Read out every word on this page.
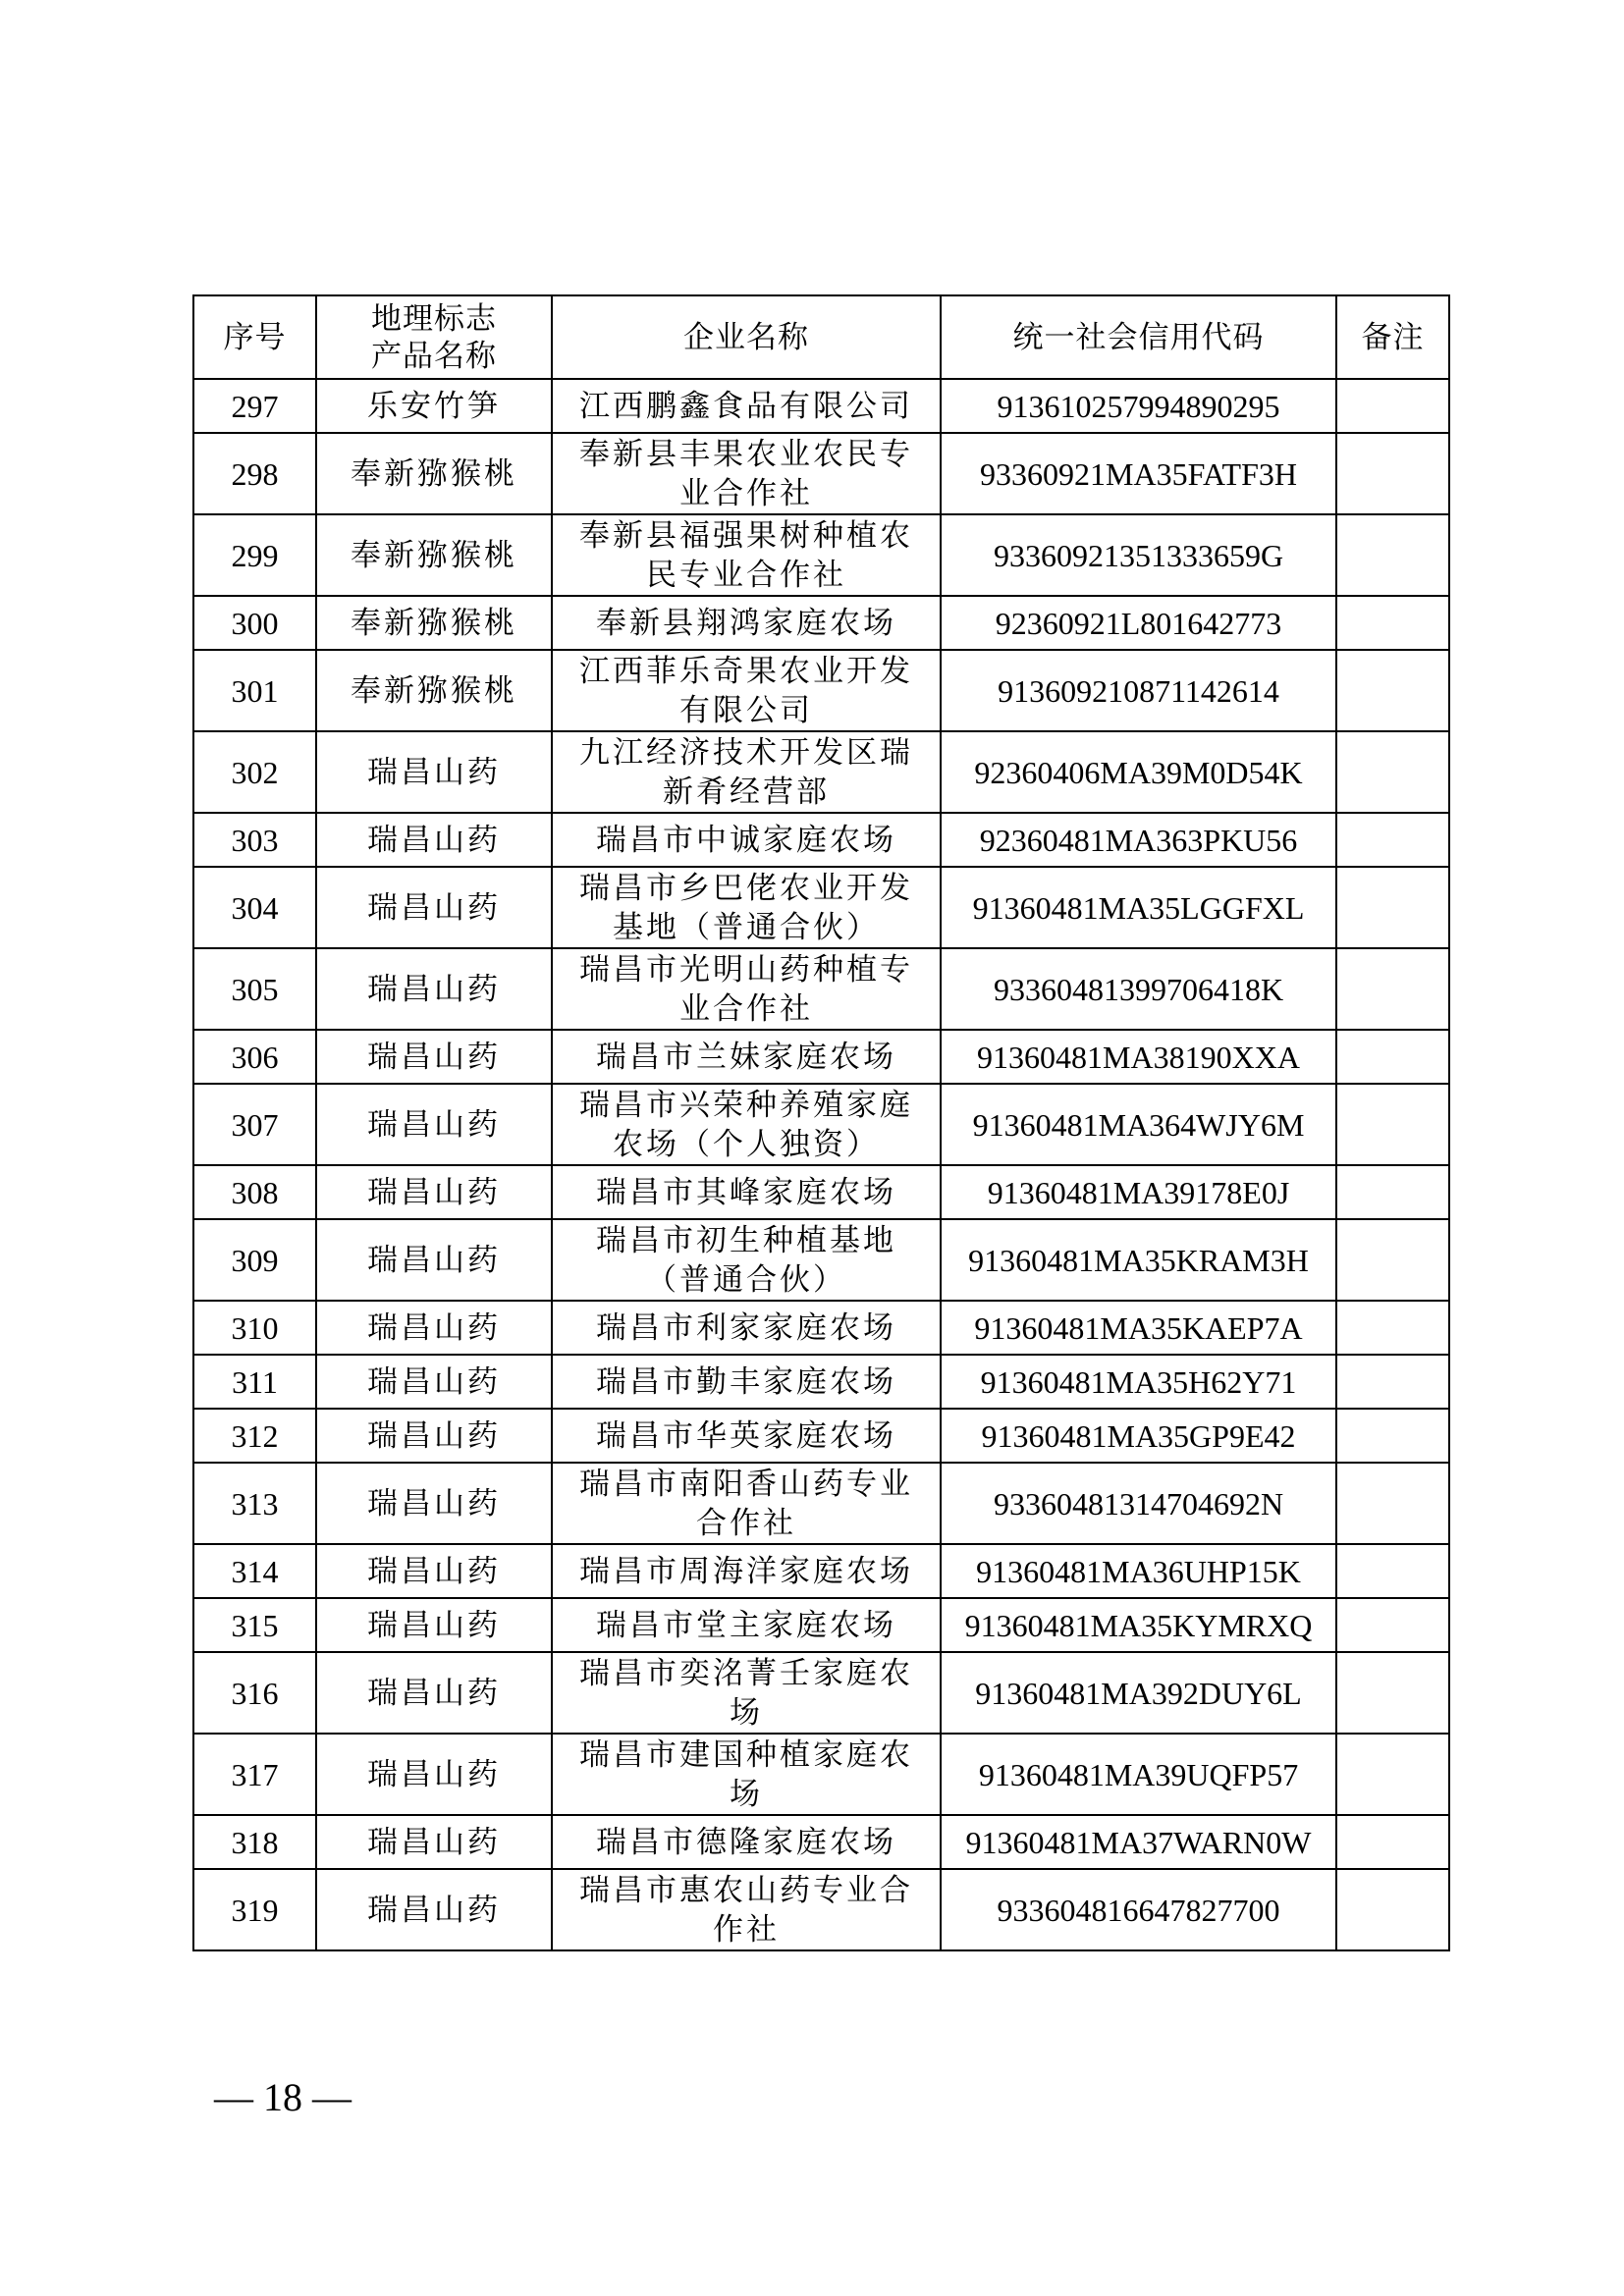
序号	地理标志产品名称	企业名称	统一社会信用代码	备注
297	乐安竹笋	江西鹏鑫食品有限公司	913610257994890295	
298	奉新猕猴桃	奉新县丰果农业农民专业合作社	93360921MA35FATF3H	
299	奉新猕猴桃	奉新县福强果树种植农民专业合作社	9336092135133365​9G	
300	奉新猕猴桃	奉新县翔鸿家庭农场	92360921L801642773	
301	奉新猕猴桃	江西菲乐奇果农业开发有限公司	913609210871142614	
302	瑞昌山药	九江经济技术开发区瑞新肴经营部	92360406MA39M0D54K	
303	瑞昌山药	瑞昌市中诚家庭农场	92360481MA363PKU56	
304	瑞昌山药	瑞昌市乡巴佬农业开发基地（普通合伙）	91360481MA35LGGFXL	
305	瑞昌山药	瑞昌市光明山药种植专业合作社	93360481399706418K	
306	瑞昌山药	瑞昌市兰妹家庭农场	91360481MA38190XXA	
307	瑞昌山药	瑞昌市兴荣种养殖家庭农场（个人独资）	91360481MA364WJY6M	
308	瑞昌山药	瑞昌市其峰家庭农场	91360481MA39178E0J	
309	瑞昌山药	瑞昌市初生种植基地（普通合伙）	91360481MA35KRAM3H	
310	瑞昌山药	瑞昌市利家家庭农场	91360481MA35KAEP7A	
311	瑞昌山药	瑞昌市勤丰家庭农场	91360481MA35H62Y71	
312	瑞昌山药	瑞昌市华英家庭农场	91360481MA35GP9E42	
313	瑞昌山药	瑞昌市南阳香山药专业合作社	93360481314704692N	
314	瑞昌山药	瑞昌市周海洋家庭农场	91360481MA36UHP15K	
315	瑞昌山药	瑞昌市堂主家庭农场	91360481MA35KYMRXQ	
316	瑞昌山药	瑞昌市奕洺菁壬家庭农场	91360481MA392DUY6L	
317	瑞昌山药	瑞昌市建国种植家庭农场	91360481MA39UQFP57	
318	瑞昌山药	瑞昌市德隆家庭农场	91360481MA37WARN0W	
319	瑞昌山药	瑞昌市惠农山药专业合作社	933604816647827700	
— 18 —
